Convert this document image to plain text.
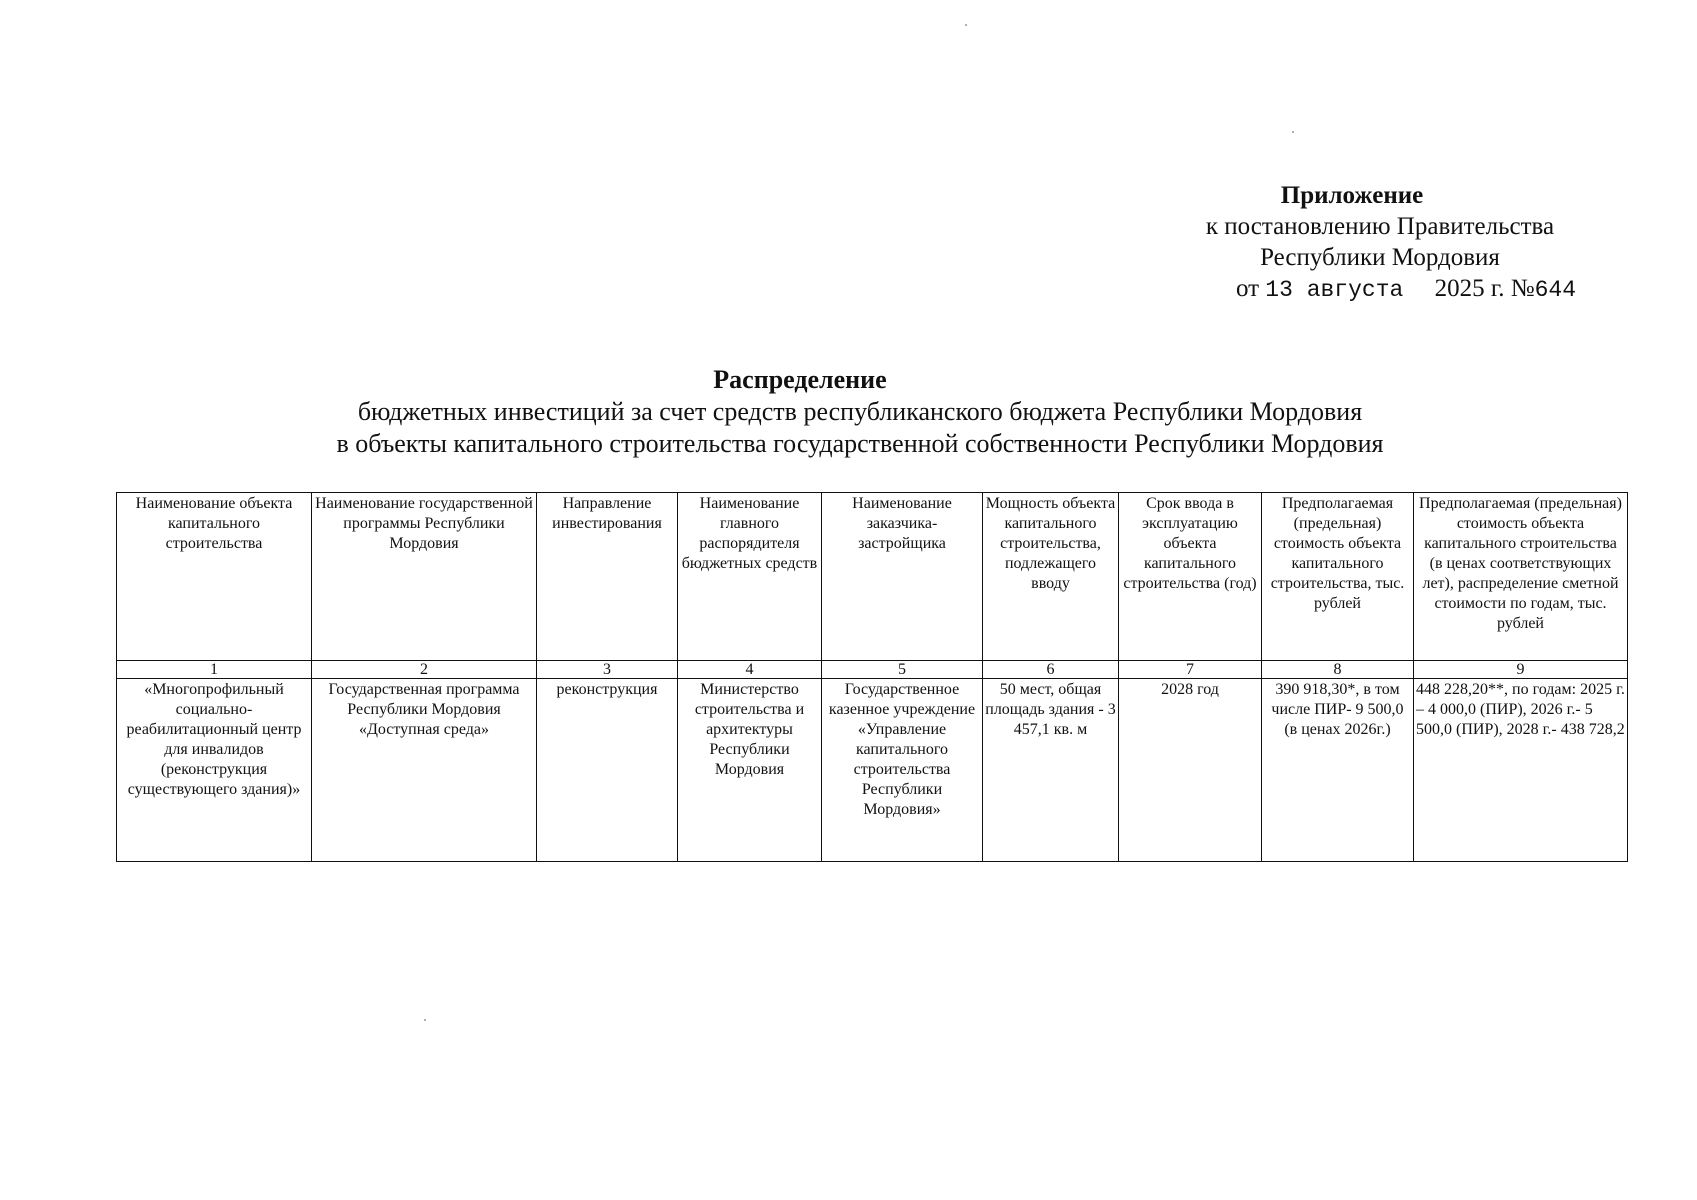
Приложение
к постановлению Правительства
Республики Мордовия
от 13 августа 2025 г. №644
Распределение
бюджетных инвестиций за счет средств республиканского бюджета Республики Мордовия
в объекты капитального строительства государственной собственности Республики Мордовия
Наименование объекта капитального строительства	Наименование государственной программы Республики Мордовия	Направление инвестирования	Наименование главного распорядителя бюджетных средств	Наименование заказчика-застройщика	Мощность объекта капитального строительства, подлежащего вводу	Срок ввода в эксплуатацию объекта капитального строительства (год)	Предполагаемая (предельная) стоимость объекта капитального строительства, тыс. рублей	Предполагаемая (предельная) стоимость объекта капитального строительства (в ценах соответствующих лет), распределение сметной стоимости по годам, тыс. рублей
1	2	3	4	5	6	7	8	9
«Многопрофильный социально-реабилитационный центр для инвалидов (реконструкция существующего здания)»	Государственная программа Республики Мордовия «Доступная среда»	реконструкция	Министерство строительства и архитектуры Республики Мордовия	Государственное казенное учреждение «Управление капитального строительства Республики Мордовия»	50 мест, общая площадь здания - 3 457,1 кв. м	2028 год	390 918,30*, в том числе ПИР- 9 500,0 (в ценах 2026г.)	448 228,20**, по годам: 2025 г. – 4 000,0 (ПИР), 2026 г.- 5 500,0 (ПИР), 2028 г.- 438 728,2
